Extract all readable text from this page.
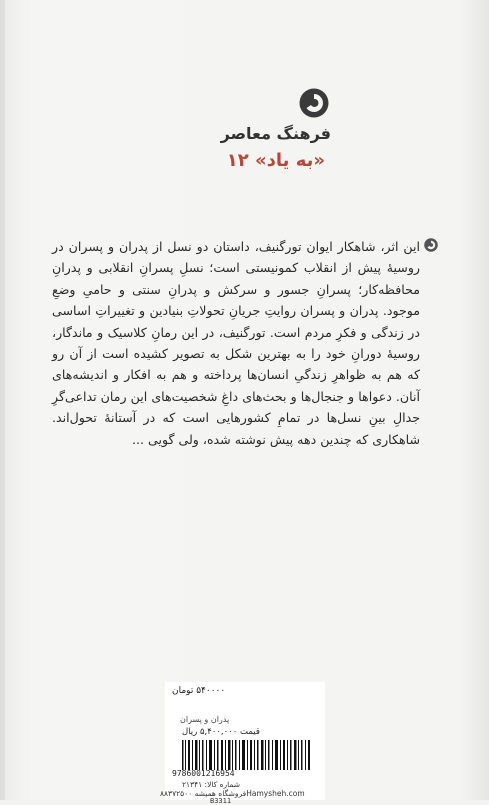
فرهنگ معاصر
«به یاد» ۱۲
این اثر، شاهکار ایوان تورگنیف، داستان دو نسل از پدران و پسران در روسیهٔ پیش از انقلاب کمونیستی است؛ نسلِ پسرانِ انقلابی و پدرانِ محافظه‌کار؛ پسرانِ جسور و سرکش و پدرانِ سنتی و حامیِ وضعِ موجود. پدران و پسران روایتِ جریانِ تحولاتِ بنیادین و تغییراتِ اساسی در زندگی و فکرِ مردم است. تورگنیف، در این رمانِ کلاسیک و ماندگار، روسیهٔ دورانِ خود را به بهترین شکل به تصویر کشیده است از آن رو که هم به ظواهرِ زندگیِ انسان‌ها پرداخته و هم به افکار و اندیشه‌های آنان. دعواها و جنجال‌ها و بحث‌های داغِ شخصیت‌های این رمان تداعی‌گرِ جدالِ بینِ نسل‌ها در تمامِ کشورهایی است که در آستانهٔ تحول‌اند. شاهکاری که چندین دهه پیش نوشته شده، ولی گویی ...
۵۴۰۰۰۰ تومان
پدران و پسران
قیمت ۵,۴۰۰,۰۰۰ ریال
9786001216954
شماره کالا: ۲۱۳۴۱
Hamysheh.comفروشگاه همیشه ۸۸۳۷۲۵۰۰
B3311
